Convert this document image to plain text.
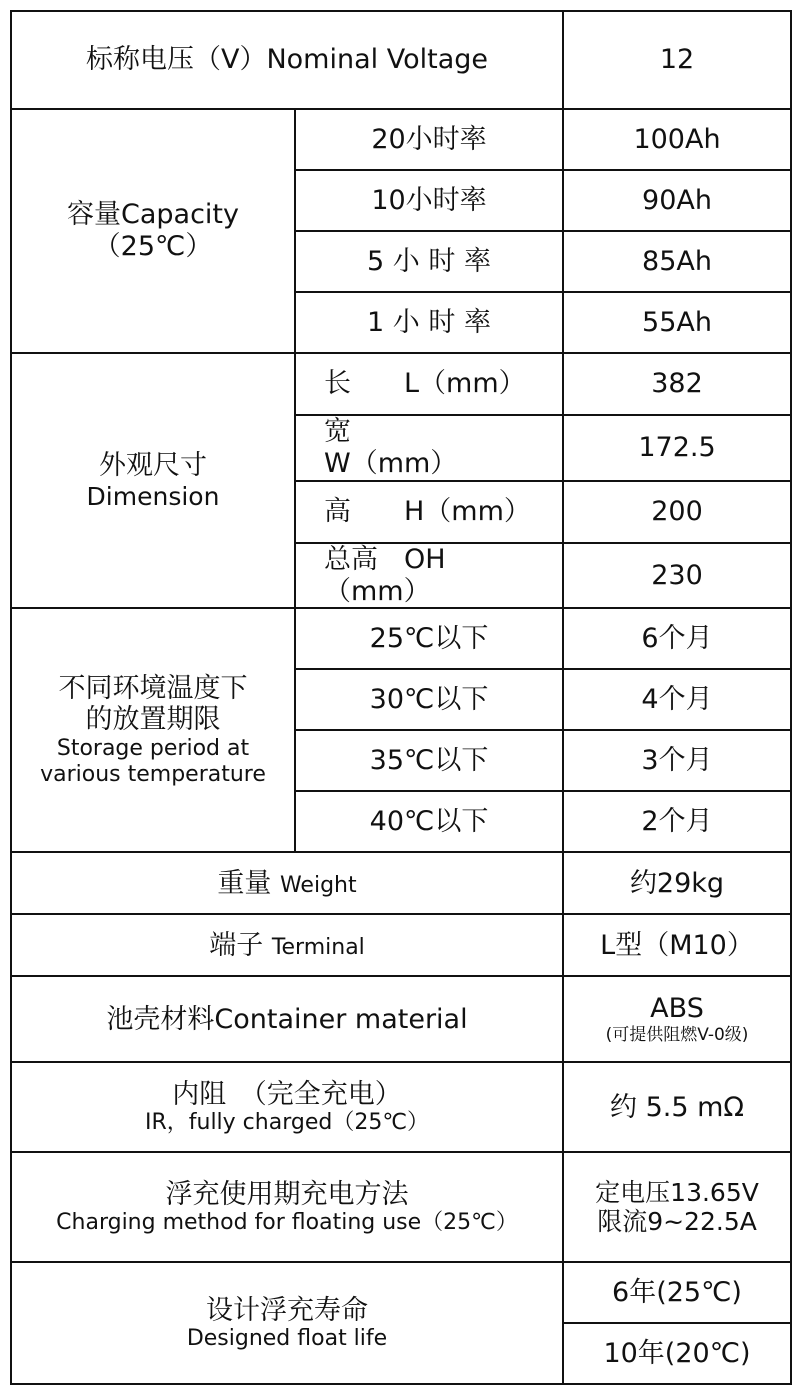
标称电压（V）Nominal Voltage		12

容量Capacity
（25℃）	20小时率	100Ah
	10小时率	90Ah
	5 小 时 率	85Ah
	1 小 时 率	55Ah

外观尺寸
Dimension	长 L（mm）	382
	宽W（mm）	172.5
	高 H（mm）	200
	总高 OH（mm）	230

不同环境温度下
的放置期限
Storage period at
various temperature	25℃以下	6个月
	30℃以下	4个月
	35℃以下	3个月
	40℃以下	2个月
重量 Weight		约29kg
端子 Terminal		L型（M10）
池壳材料Container material		ABS
(可提供阻燃V-0级)

内阻　（完全充电）
IR，fully charged（25℃）		约 5.5 mΩ

浮充使用期充电方法
Charging method for floating use（25℃）		定电压13.65V
限流9~22.5A

设计浮充寿命
Designed float life		6年(25℃)
		10年(20℃)
